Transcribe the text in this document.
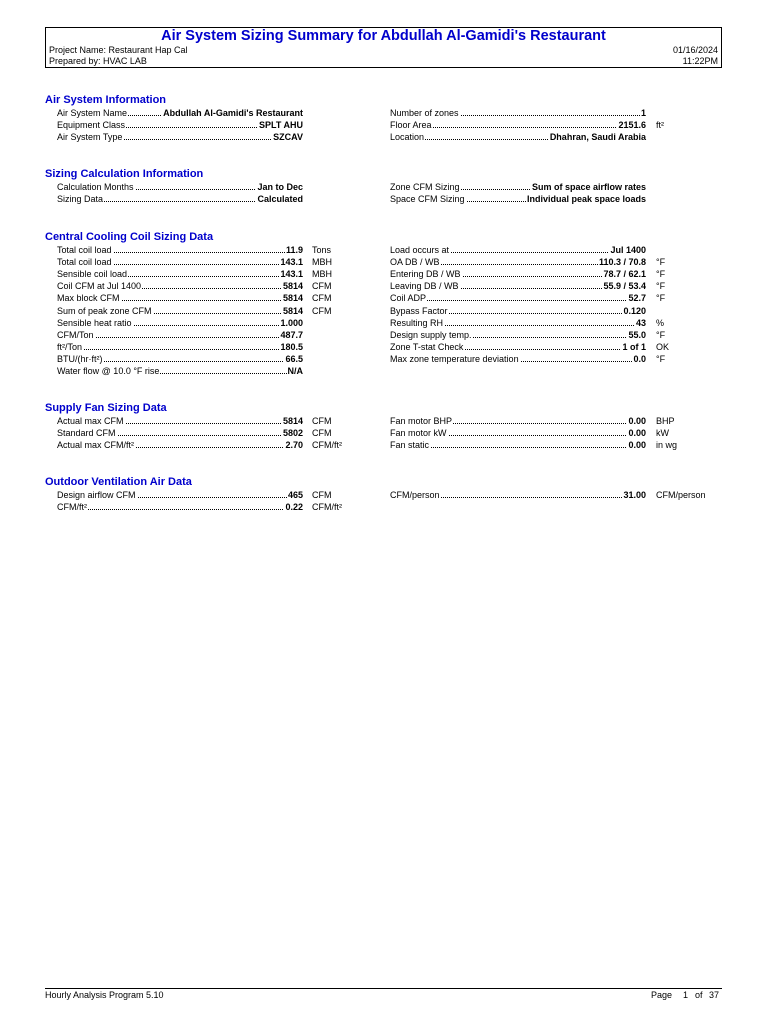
Air System Sizing Summary for Abdullah Al-Gamidi's Restaurant
Project Name: Restaurant Hap Cal	01/16/2024
Prepared by: HVAC LAB	11:22PM
Air System Information
Air System Name	Abdullah Al-Gamidi's Restaurant
Equipment Class	SPLT AHU
Air System Type	SZCAV
Number of zones	1
Floor Area	2151.6 ft²
Location	Dhahran, Saudi Arabia
Sizing Calculation Information
Calculation Months	Jan to Dec
Sizing Data	Calculated
Zone CFM Sizing	Sum of space airflow rates
Space CFM Sizing	Individual peak space loads
Central Cooling Coil Sizing Data
Total coil load	11.9 Tons
Total coil load	143.1 MBH
Sensible coil load	143.1 MBH
Coil CFM at Jul 1400	5814 CFM
Max block CFM	5814 CFM
Sum of peak zone CFM	5814 CFM
Sensible heat ratio	1.000
CFM/Ton	487.7
ft²/Ton	180.5
BTU/(hr·ft²)	66.5
Water flow @ 10.0 °F rise	N/A
Load occurs at	Jul 1400
OA DB / WB	110.3 / 70.8 °F
Entering DB / WB	78.7 / 62.1 °F
Leaving DB / WB	55.9 / 53.4 °F
Coil ADP	52.7 °F
Bypass Factor	0.120
Resulting RH	43 %
Design supply temp.	55.0 °F
Zone T-stat Check	1 of 1 OK
Max zone temperature deviation	0.0 °F
Supply Fan Sizing Data
Actual max CFM	5814 CFM
Standard CFM	5802 CFM
Actual max CFM/ft²	2.70 CFM/ft²
Fan motor BHP	0.00 BHP
Fan motor kW	0.00 kW
Fan static	0.00 in wg
Outdoor Ventilation Air Data
Design airflow CFM	465 CFM
CFM/ft²	0.22 CFM/ft²
CFM/person	31.00 CFM/person
Hourly Analysis Program 5.10	Page 1 of 37
